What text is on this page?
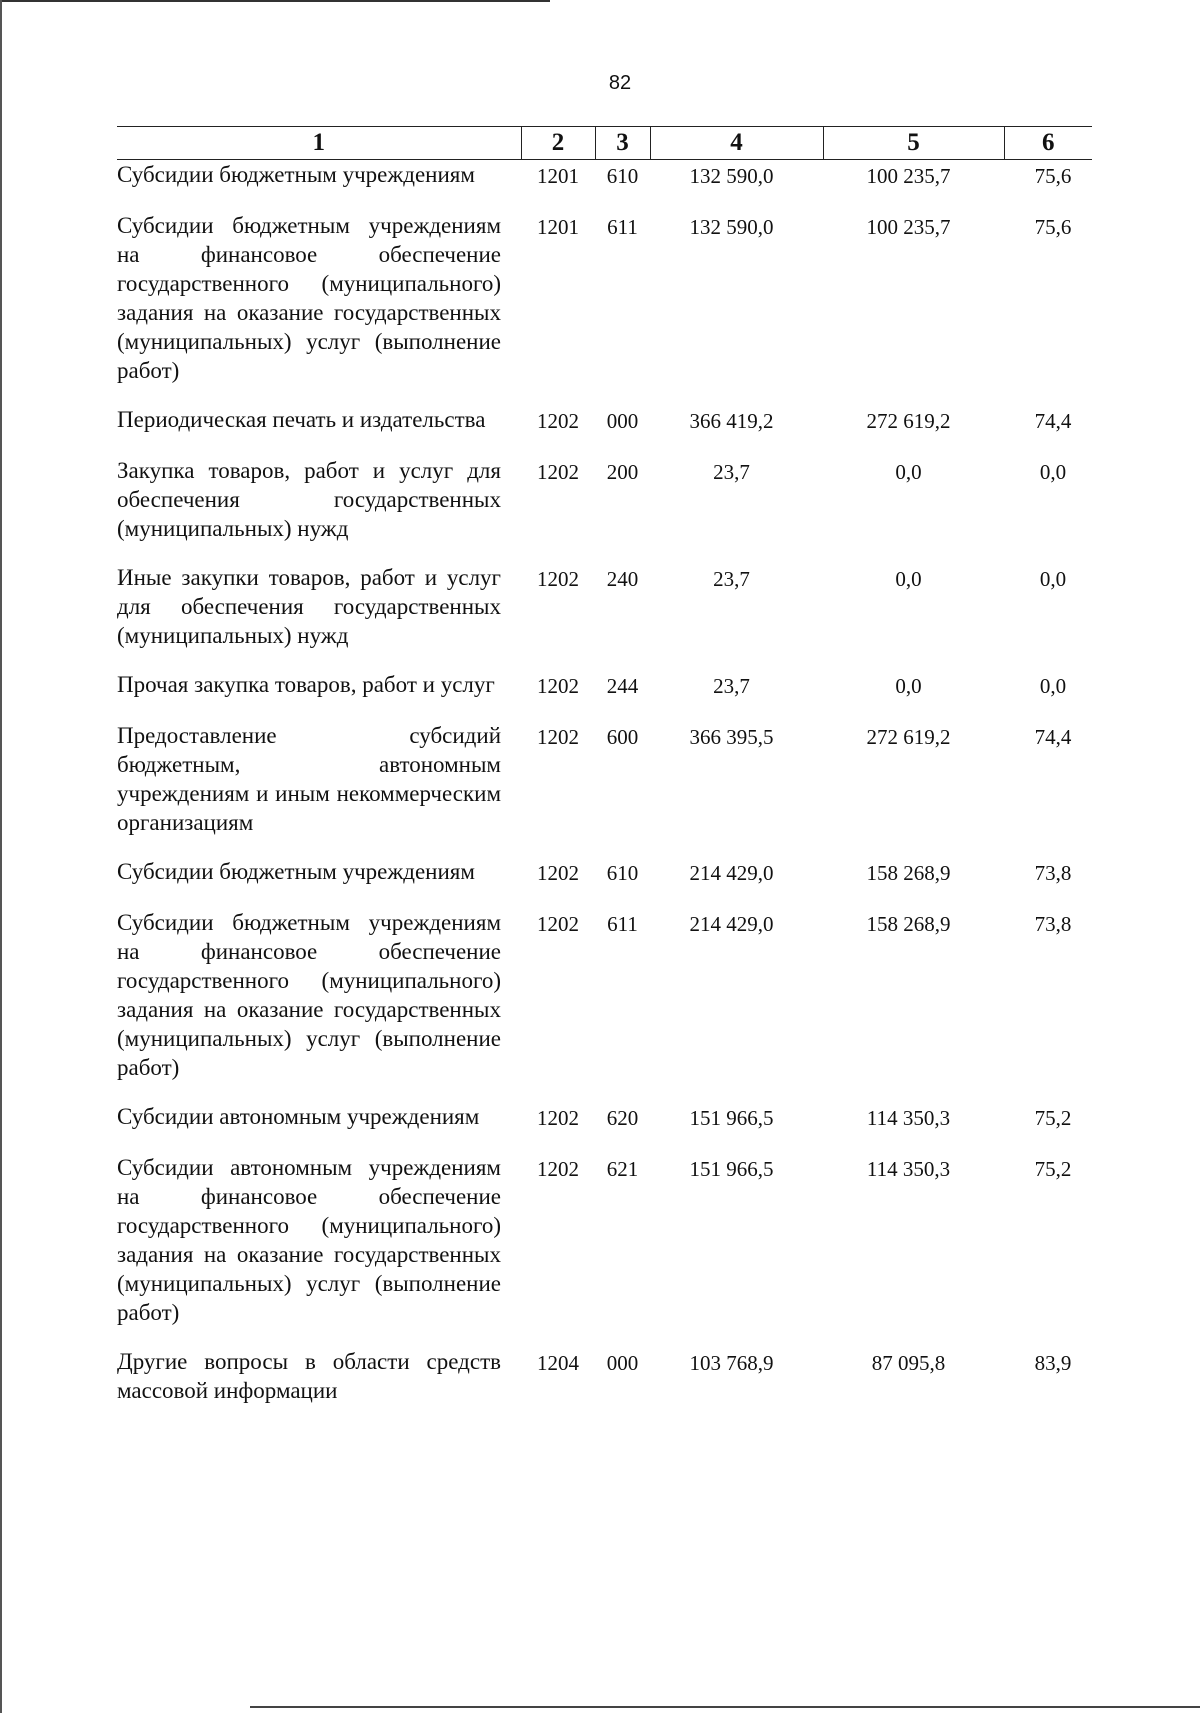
82
1	2	3	4	5	6
Субсидии бюджетным учреждениям	1201	610	132 590,0	100 235,7	75,6

Субсидии бюджетным учреждениям на финансовое обеспечение государственного (муниципального) задания на оказание государственных (муниципальных) услуг (выполнение работ)	1201	611	132 590,0	100 235,7	75,6

Периодическая печать и издательства	1202	000	366 419,2	272 619,2	74,4

Закупка товаров, работ и услуг для обеспечения государственных (муниципальных) нужд	1202	200	23,7	0,0	0,0

Иные закупки товаров, работ и услуг для обеспечения государственных (муниципальных) нужд	1202	240	23,7	0,0	0,0

Прочая закупка товаров, работ и услуг	1202	244	23,7	0,0	0,0

Предоставление субсидий бюджетным, автономным учреждениям и иным некоммерческим организациям	1202	600	366 395,5	272 619,2	74,4

Субсидии бюджетным учреждениям	1202	610	214 429,0	158 268,9	73,8

Субсидии бюджетным учреждениям на финансовое обеспечение государственного (муниципального) задания на оказание государственных (муниципальных) услуг (выполнение работ)	1202	611	214 429,0	158 268,9	73,8

Субсидии автономным учреждениям	1202	620	151 966,5	114 350,3	75,2

Субсидии автономным учреждениям на финансовое обеспечение государственного (муниципального) задания на оказание государственных (муниципальных) услуг (выполнение работ)	1202	621	151 966,5	114 350,3	75,2

Другие вопросы в области средств массовой информации	1204	000	103 768,9	87 095,8	83,9
